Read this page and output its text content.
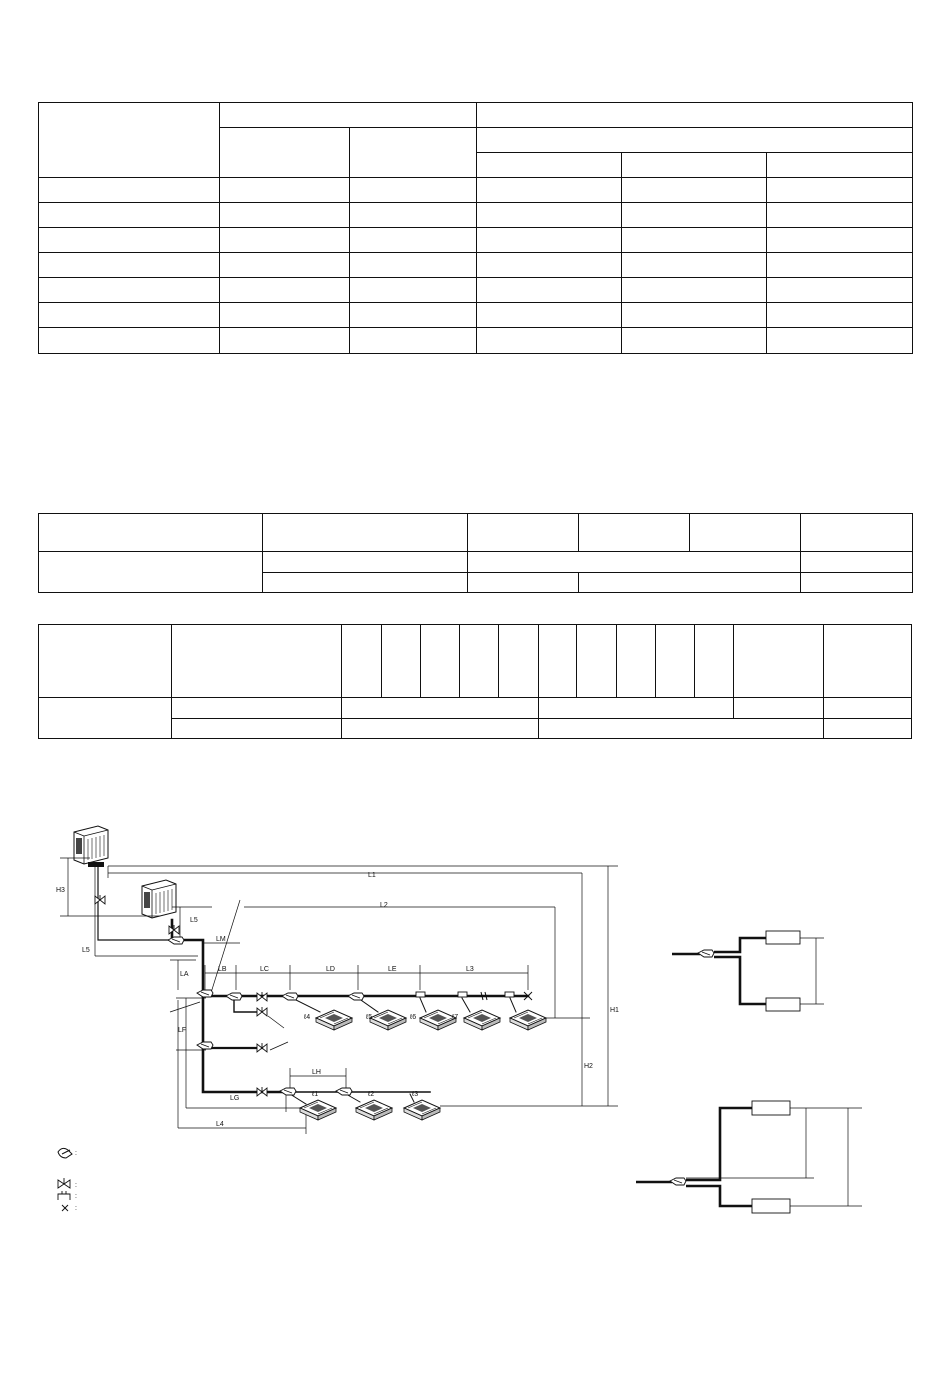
L1
L2
L3
L4
L5
L5
H1
H2
H3
LA
LB	LC	LD	LE
LF
LG
LH
LM
ℓ1	ℓ2	ℓ3
ℓ4	ℓ5	ℓ6	ℓ7
:
:
:
:
